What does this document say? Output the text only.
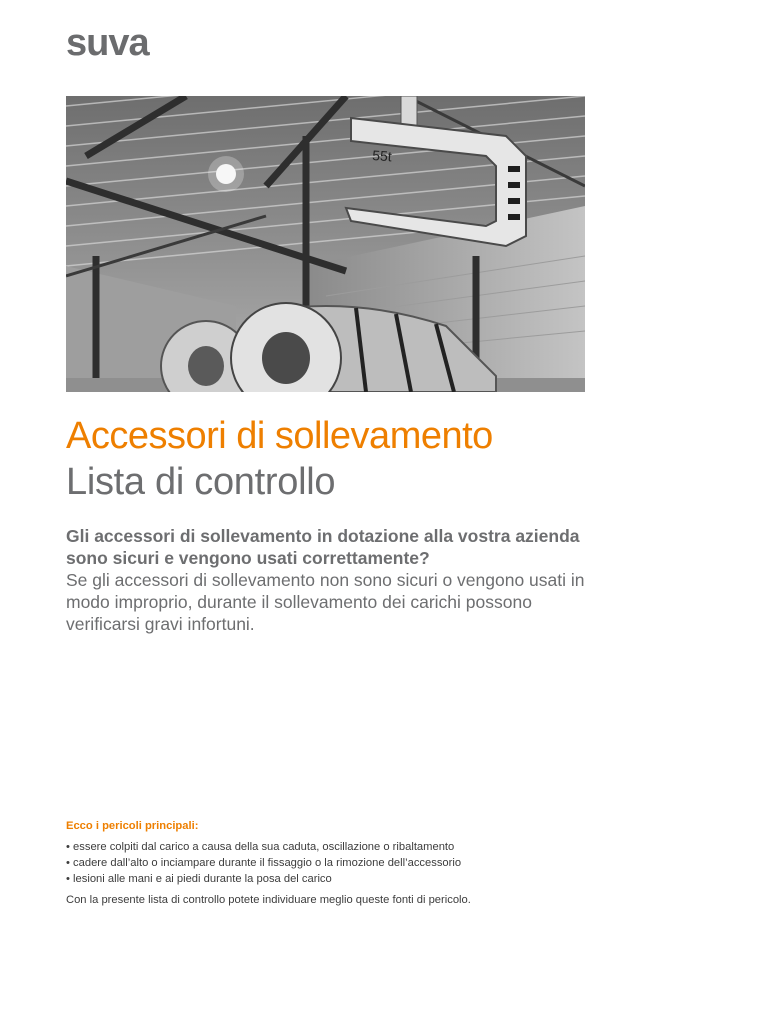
suva
55t
Accessori di sollevamento
Lista di controllo

Gli accessori di sollevamento in dotazione alla vostra azienda sono sicuri e vengono usati correttamente?
Se gli accessori di sollevamento non sono sicuri o vengono usati in modo improprio, durante il sollevamento dei carichi possono verificarsi gravi infortuni.

Ecco i pericoli principali:
• essere colpiti dal carico a causa della sua caduta, oscillazione o ribaltamento
• cadere dall’alto o inciampare durante il fissaggio o la rimozione dell’accessorio
• lesioni alle mani e ai piedi durante la posa del carico
Con la presente lista di controllo potete individuare meglio queste fonti di pericolo.
